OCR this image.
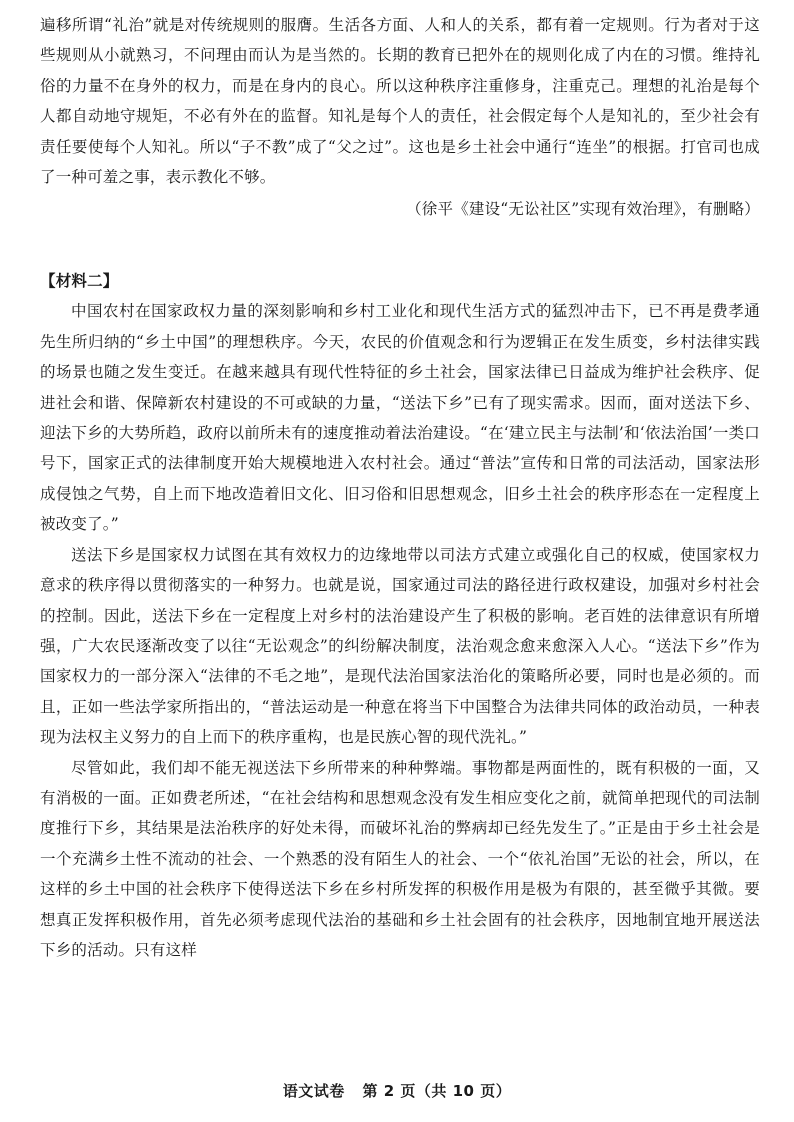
遍移所谓“礼治”就是对传统规则的服膺。生活各方面、人和人的关系，都有着一定规则。行为者对于这些规则从小就熟习，不问理由而认为是当然的。长期的教育已把外在的规则化成了内在的习惯。维持礼俗的力量不在身外的权力，而是在身内的良心。所以这种秩序注重修身，注重克己。理想的礼治是每个人都自动地守规矩，不必有外在的监督。知礼是每个人的责任，社会假定每个人是知礼的，至少社会有责任要使每个人知礼。所以“子不教”成了“父之过”。这也是乡土社会中通行“连坐”的根据。打官司也成了一种可羞之事，表示教化不够。

（徐平《建设“无讼社区”实现有效治理》，有删略）

【材料二】

中国农村在国家政权力量的深刻影响和乡村工业化和现代生活方式的猛烈冲击下，已不再是费孝通先生所归纳的“乡土中国”的理想秩序。今天，农民的价值观念和行为逻辑正在发生质变，乡村法律实践的场景也随之发生变迁。在越来越具有现代性特征的乡土社会，国家法律已日益成为维护社会秩序、促进社会和谐、保障新农村建设的不可或缺的力量，“送法下乡”已有了现实需求。因而，面对送法下乡、迎法下乡的大势所趋，政府以前所未有的速度推动着法治建设。“在‘建立民主与法制’和‘依法治国’一类口号下，国家正式的法律制度开始大规模地进入农村社会。通过“普法”宣传和日常的司法活动，国家法形成侵蚀之气势，自上而下地改造着旧文化、旧习俗和旧思想观念，旧乡土社会的秩序形态在一定程度上被改变了。”

送法下乡是国家权力试图在其有效权力的边缘地带以司法方式建立或强化自己的权威，使国家权力意求的秩序得以贯彻落实的一种努力。也就是说，国家通过司法的路径进行政权建设，加强对乡村社会的控制。因此，送法下乡在一定程度上对乡村的法治建设产生了积极的影响。老百姓的法律意识有所增强，广大农民逐渐改变了以往“无讼观念”的纠纷解决制度，法治观念愈来愈深入人心。“送法下乡”作为国家权力的一部分深入“法律的不毛之地”，是现代法治国家法治化的策略所必要，同时也是必须的。而且，正如一些法学家所指出的，“普法运动是一种意在将当下中国整合为法律共同体的政治动员，一种表现为法权主义努力的自上而下的秩序重构，也是民族心智的现代洗礼。”

尽管如此，我们却不能无视送法下乡所带来的种种弊端。事物都是两面性的，既有积极的一面，又有消极的一面。正如费老所述，“在社会结构和思想观念没有发生相应变化之前，就简单把现代的司法制度推行下乡，其结果是法治秩序的好处未得，而破坏礼治的弊病却已经先发生了。”正是由于乡土社会是一个充满乡土性不流动的社会、一个熟悉的没有陌生人的社会、一个“依礼治国”无讼的社会，所以，在这样的乡土中国的社会秩序下使得送法下乡在乡村所发挥的积极作用是极为有限的，甚至微乎其微。要想真正发挥积极作用，首先必须考虑现代法治的基础和乡土社会固有的社会秩序，因地制宜地开展送法下乡的活动。只有这样

语文试卷 第 2 页（共 10 页）
